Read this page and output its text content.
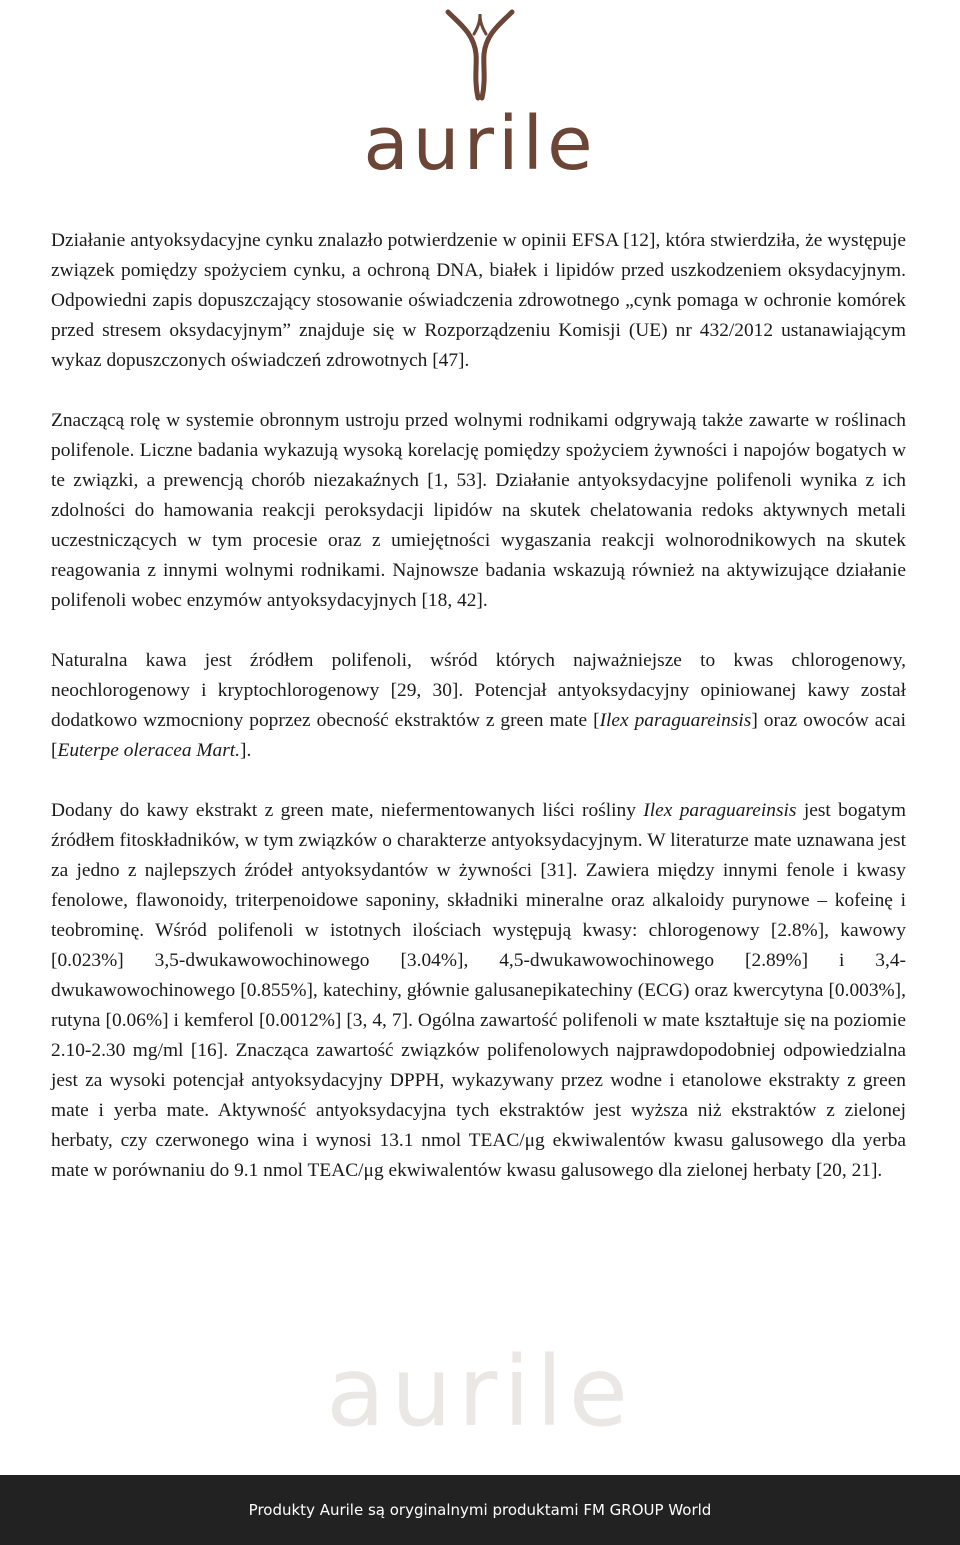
aurile

Działanie antyoksydacyjne cynku znalazło potwierdzenie w opinii EFSA [12], która stwierdziła, że występuje związek pomiędzy spożyciem cynku, a ochroną DNA, białek i lipidów przed uszkodzeniem oksydacyjnym. Odpowiedni zapis dopuszczający stosowanie oświadczenia zdrowotnego „cynk pomaga w ochronie komórek przed stresem oksydacyjnym” znajduje się w Rozporządzeniu Komisji (UE) nr 432/2012 ustanawiającym wykaz dopuszczonych oświadczeń zdrowotnych [47].

Znaczącą rolę w systemie obronnym ustroju przed wolnymi rodnikami odgrywają także zawarte w roślinach polifenole. Liczne badania wykazują wysoką korelację pomiędzy spożyciem żywności i napojów bogatych w te związki, a prewencją chorób niezakaźnych [1, 53]. Działanie antyoksydacyjne polifenoli wynika z ich zdolności do hamowania reakcji peroksydacji lipidów na skutek chelatowania redoks aktywnych metali uczestniczących w tym procesie oraz z umiejętności wygaszania reakcji wolnorodnikowych na skutek reagowania z innymi wolnymi rodnikami. Najnowsze badania wskazują również na aktywizujące działanie polifenoli wobec enzymów antyoksydacyjnych [18, 42].

Naturalna kawa jest źródłem polifenoli, wśród których najważniejsze to kwas chlorogenowy, neochlorogenowy i kryptochlorogenowy [29, 30]. Potencjał antyoksydacyjny opiniowanej kawy został dodatkowo wzmocniony poprzez obecność ekstraktów z green mate [Ilex paraguareinsis] oraz owoców acai [Euterpe oleracea Mart.].

Dodany do kawy ekstrakt z green mate, niefermentowanych liści rośliny Ilex paraguareinsis jest bogatym źródłem fitoskładników, w tym związków o charakterze antyoksydacyjnym. W literaturze mate uznawana jest za jedno z najlepszych źródeł antyoksydantów w żywności [31]. Zawiera między innymi fenole i kwasy fenolowe, flawonoidy, triterpenoidowe saponiny, składniki mineralne oraz alkaloidy purynowe – kofeinę i teobrominę. Wśród polifenoli w istotnych ilościach występują kwasy: chlorogenowy [2.8%], kawowy [0.023%] 3,5-dwukawowochinowego [3.04%], 4,5-dwukawowochinowego [2.89%] i 3,4-dwukawowochinowego [0.855%], katechiny, głównie galusanepikatechiny (ECG) oraz kwercytyna [0.003%], rutyna [0.06%] i kemferol [0.0012%] [3, 4, 7]. Ogólna zawartość polifenoli w mate kształtuje się na poziomie 2.10-2.30 mg/ml [16]. Znacząca zawartość związków polifenolowych najprawdopodobniej odpowiedzialna jest za wysoki potencjał antyoksydacyjny DPPH, wykazywany przez wodne i etanolowe ekstrakty z green mate i yerba mate. Aktywność antyoksydacyjna tych ekstraktów jest wyższa niż ekstraktów z zielonej herbaty, czy czerwonego wina i wynosi 13.1 nmol TEAC/μg ekwiwalentów kwasu galusowego dla yerba mate w porównaniu do 9.1 nmol TEAC/μg ekwiwalentów kwasu galusowego dla zielonej herbaty [20, 21].

aurile
Produkty Aurile są oryginalnymi produktami FM GROUP World
